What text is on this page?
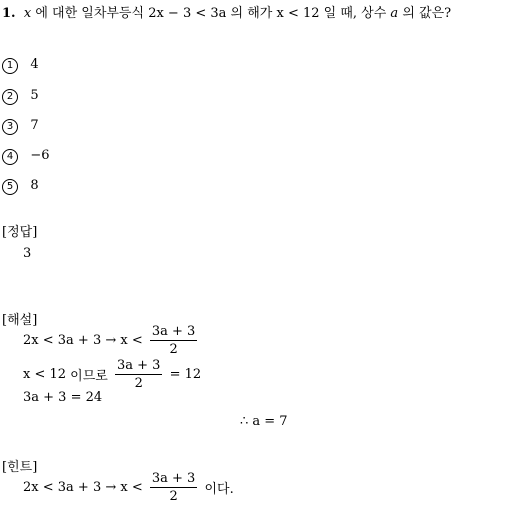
1. x 에 대한 일차부등식 2x − 3 < 3a 의 해가 x < 12 일 때, 상수 a 의 값은?
1 4
2 5
3 7
4 −6
5 8
[정답]
3
[해설]
$2x < 3a + 3 \to x < \frac{3a + 3}{2}$
x < 12 이므로 $\frac{3a + 3}{2} = 12$
3a + 3 = 24
∴ a = 7
[힌트]
$2x < 3a + 3 \to x < \frac{3a + 3}{2}$ 이다.
